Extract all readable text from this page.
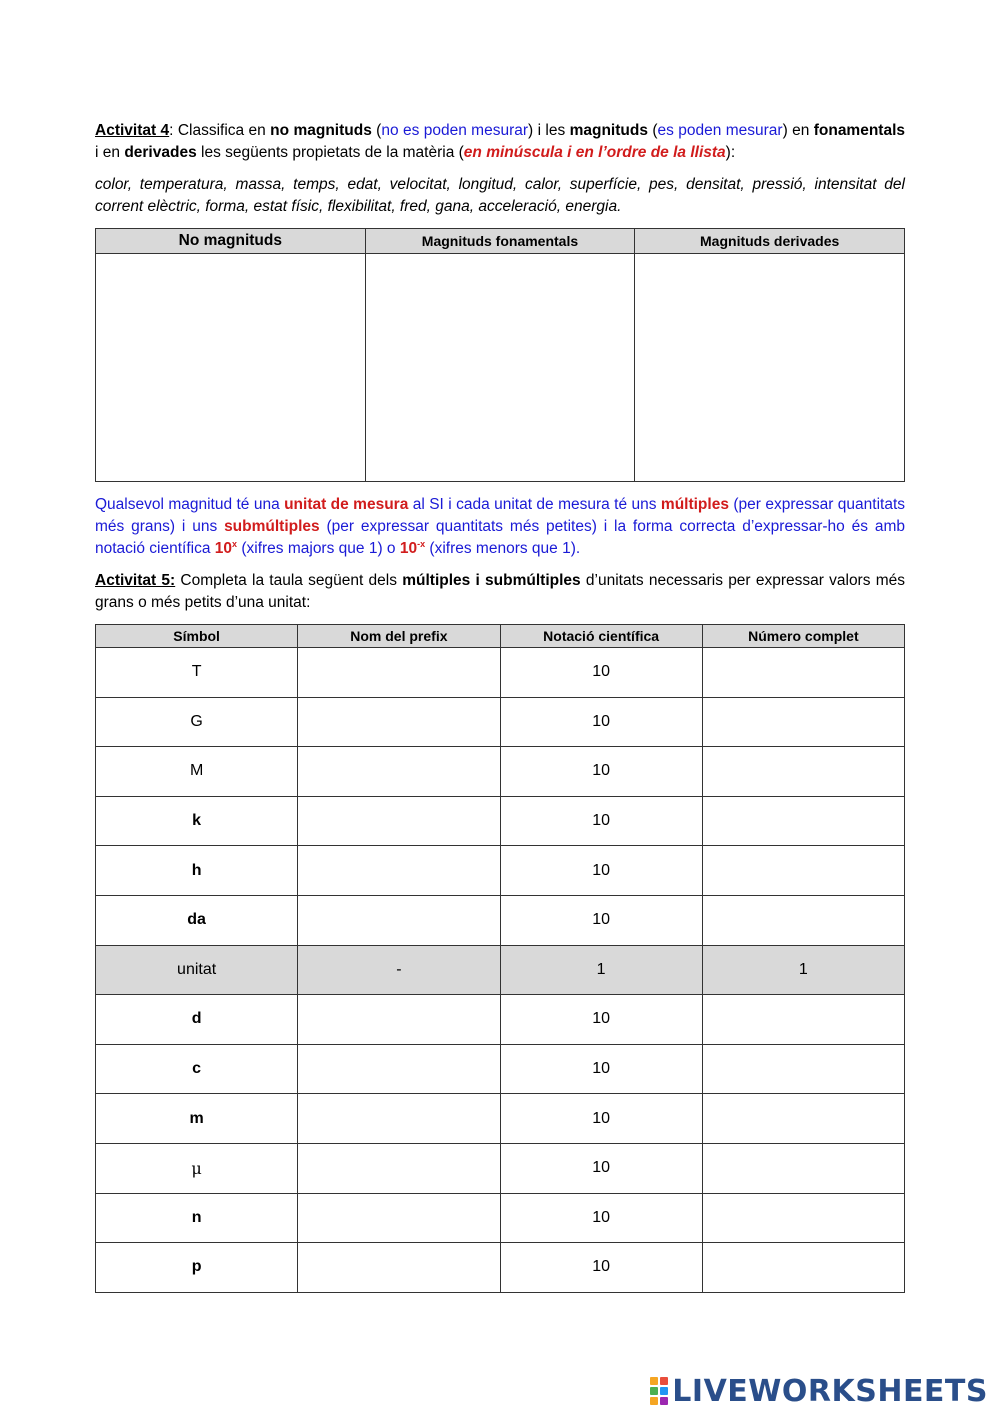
Activitat 4: Classifica en no magnituds (no es poden mesurar) i les magnituds (es poden mesurar) en fonamentals i en derivades les següents propietats de la matèria (en minúscula i en l’ordre de la llista):

color, temperatura, massa, temps, edat, velocitat, longitud, calor, superfície, pes, densitat, pressió, intensitat del corrent elèctric, forma, estat físic, flexibilitat, fred, gana, acceleració, energia.

No magnituds	Magnituds fonamentals	Magnituds derivades

Qualsevol magnitud té una unitat de mesura al SI i cada unitat de mesura té uns múltiples (per expressar quantitats més grans) i uns submúltiples (per expressar quantitats més petites) i la forma correcta d’expressar-ho és amb notació científica 10$^x$ (xifres majors que 1) o $10^{-x}$ (xifres menors que 1).

Activitat 5: Completa la taula següent dels múltiples i submúltiples d’unitats necessaris per expressar valors més grans o més petits d’una unitat:

Símbol	Nom del prefix	Notació científica	Número complet
T		10	
G		10	
M		10	
k		10	
h		10	
da		10	
unitat	-	1	1
d		10	
c		10	
m		10	
μ		10	
n		10	
p		10	
LIVEWORKSHEETS
